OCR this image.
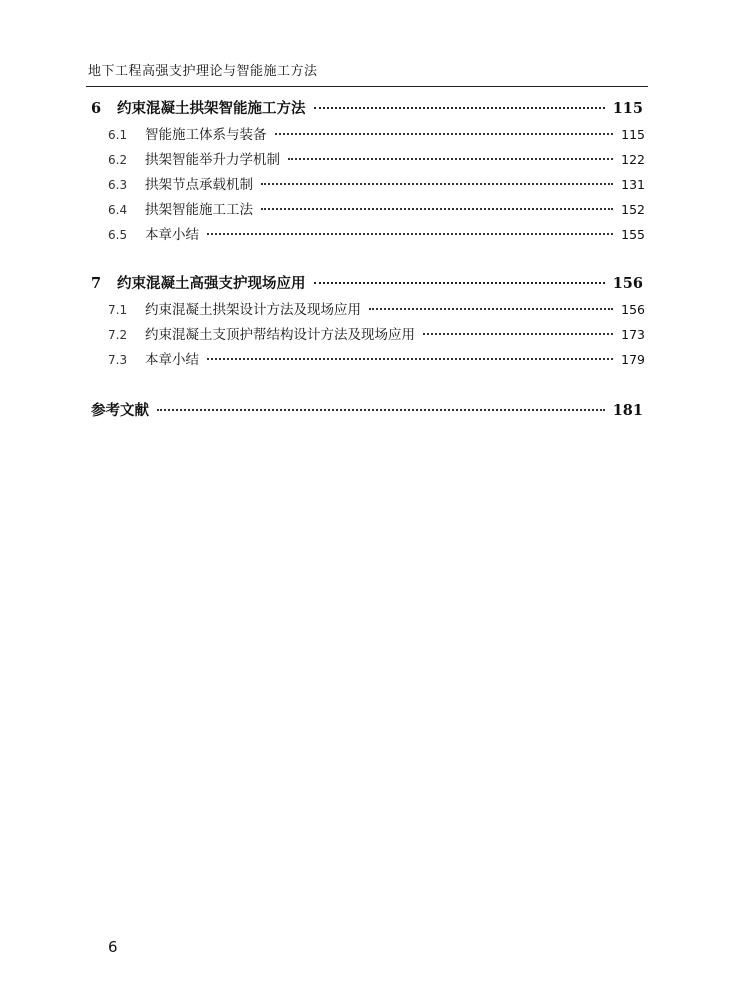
地下工程高强支护理论与智能施工方法
6	约束混凝土拱架智能施工方法	115
6.1	智能施工体系与装备	115
6.2	拱架智能举升力学机制	122
6.3	拱架节点承载机制	131
6.4	拱架智能施工工法	152
6.5	本章小结	155
7	约束混凝土高强支护现场应用	156
7.1	约束混凝土拱架设计方法及现场应用	156
7.2	约束混凝土支顶护帮结构设计方法及现场应用	173
7.3	本章小结	179
参考文献	181
6
